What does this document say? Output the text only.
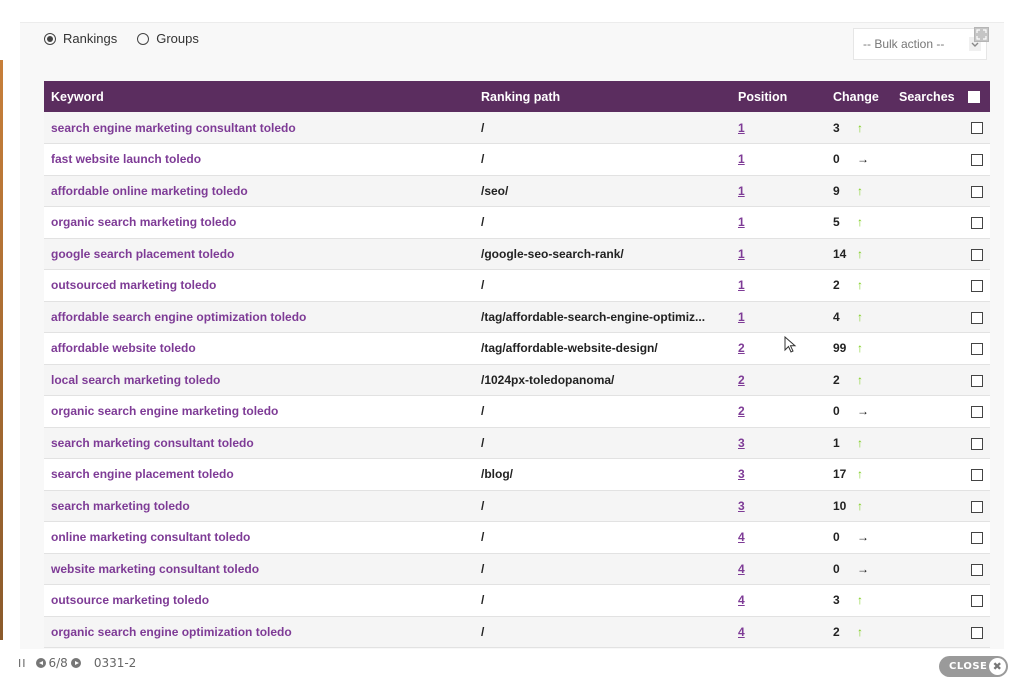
Rankings	Groups	-- Bulk action --
Keyword	Ranking path	Position	Change	Searches
search engine marketing consultant toledo	/	1	3 ↑	
fast website launch toledo	/	1	0 →	
affordable online marketing toledo	/seo/	1	9 ↑	
organic search marketing toledo	/	1	5 ↑	
google search placement toledo	/google-seo-search-rank/	1	14 ↑	
outsourced marketing toledo	/	1	2 ↑	
affordable search engine optimization toledo	/tag/affordable-search-engine-optimiz...	1	4 ↑	
affordable website toledo	/tag/affordable-website-design/	2	99 ↑	
local search marketing toledo	/1024px-toledopanoma/	2	2 ↑	
organic search engine marketing toledo	/	2	0 →	
search marketing consultant toledo	/	3	1 ↑	
search engine placement toledo	/blog/	3	17 ↑	
search marketing toledo	/	3	10 ↑	
online marketing consultant toledo	/	4	0 →	
website marketing consultant toledo	/	4	0 →	
outsource marketing toledo	/	4	3 ↑	
organic search engine optimization toledo	/	4	2 ↑	
II 6/8 0331-2	CLOSE ✖
